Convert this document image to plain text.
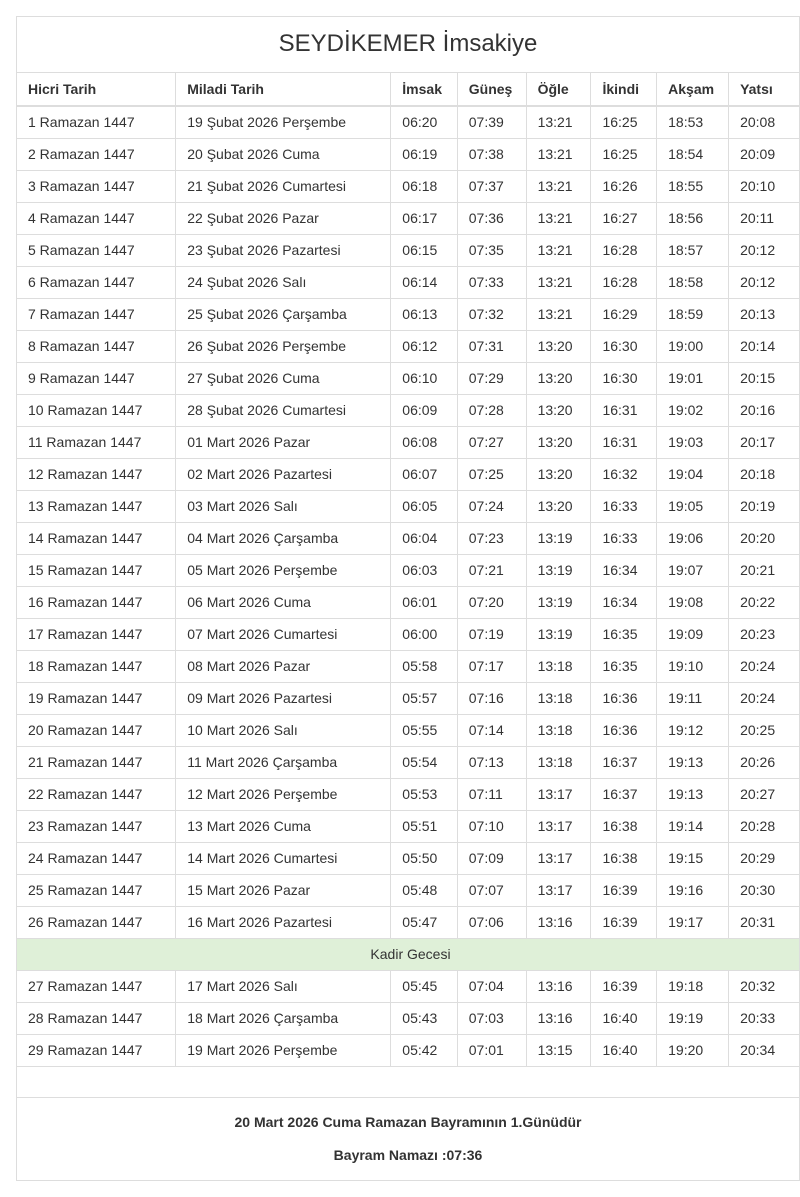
SEYDİKEMER İmsakiye
Hicri Tarih	Miladi Tarih	İmsak	Güneş	Öğle	İkindi	Akşam	Yatsı
1 Ramazan 1447	19 Şubat 2026 Perşembe	06:20	07:39	13:21	16:25	18:53	20:08
2 Ramazan 1447	20 Şubat 2026 Cuma	06:19	07:38	13:21	16:25	18:54	20:09
3 Ramazan 1447	21 Şubat 2026 Cumartesi	06:18	07:37	13:21	16:26	18:55	20:10
4 Ramazan 1447	22 Şubat 2026 Pazar	06:17	07:36	13:21	16:27	18:56	20:11
5 Ramazan 1447	23 Şubat 2026 Pazartesi	06:15	07:35	13:21	16:28	18:57	20:12
6 Ramazan 1447	24 Şubat 2026 Salı	06:14	07:33	13:21	16:28	18:58	20:12
7 Ramazan 1447	25 Şubat 2026 Çarşamba	06:13	07:32	13:21	16:29	18:59	20:13
8 Ramazan 1447	26 Şubat 2026 Perşembe	06:12	07:31	13:20	16:30	19:00	20:14
9 Ramazan 1447	27 Şubat 2026 Cuma	06:10	07:29	13:20	16:30	19:01	20:15
10 Ramazan 1447	28 Şubat 2026 Cumartesi	06:09	07:28	13:20	16:31	19:02	20:16
11 Ramazan 1447	01 Mart 2026 Pazar	06:08	07:27	13:20	16:31	19:03	20:17
12 Ramazan 1447	02 Mart 2026 Pazartesi	06:07	07:25	13:20	16:32	19:04	20:18
13 Ramazan 1447	03 Mart 2026 Salı	06:05	07:24	13:20	16:33	19:05	20:19
14 Ramazan 1447	04 Mart 2026 Çarşamba	06:04	07:23	13:19	16:33	19:06	20:20
15 Ramazan 1447	05 Mart 2026 Perşembe	06:03	07:21	13:19	16:34	19:07	20:21
16 Ramazan 1447	06 Mart 2026 Cuma	06:01	07:20	13:19	16:34	19:08	20:22
17 Ramazan 1447	07 Mart 2026 Cumartesi	06:00	07:19	13:19	16:35	19:09	20:23
18 Ramazan 1447	08 Mart 2026 Pazar	05:58	07:17	13:18	16:35	19:10	20:24
19 Ramazan 1447	09 Mart 2026 Pazartesi	05:57	07:16	13:18	16:36	19:11	20:24
20 Ramazan 1447	10 Mart 2026 Salı	05:55	07:14	13:18	16:36	19:12	20:25
21 Ramazan 1447	11 Mart 2026 Çarşamba	05:54	07:13	13:18	16:37	19:13	20:26
22 Ramazan 1447	12 Mart 2026 Perşembe	05:53	07:11	13:17	16:37	19:13	20:27
23 Ramazan 1447	13 Mart 2026 Cuma	05:51	07:10	13:17	16:38	19:14	20:28
24 Ramazan 1447	14 Mart 2026 Cumartesi	05:50	07:09	13:17	16:38	19:15	20:29
25 Ramazan 1447	15 Mart 2026 Pazar	05:48	07:07	13:17	16:39	19:16	20:30
26 Ramazan 1447	16 Mart 2026 Pazartesi	05:47	07:06	13:16	16:39	19:17	20:31
Kadir Gecesi							
27 Ramazan 1447	17 Mart 2026 Salı	05:45	07:04	13:16	16:39	19:18	20:32
28 Ramazan 1447	18 Mart 2026 Çarşamba	05:43	07:03	13:16	16:40	19:19	20:33
29 Ramazan 1447	19 Mart 2026 Perşembe	05:42	07:01	13:15	16:40	19:20	20:34

20 Mart 2026 Cuma Ramazan Bayramının 1.Günüdür

Bayram Namazı :07:36
